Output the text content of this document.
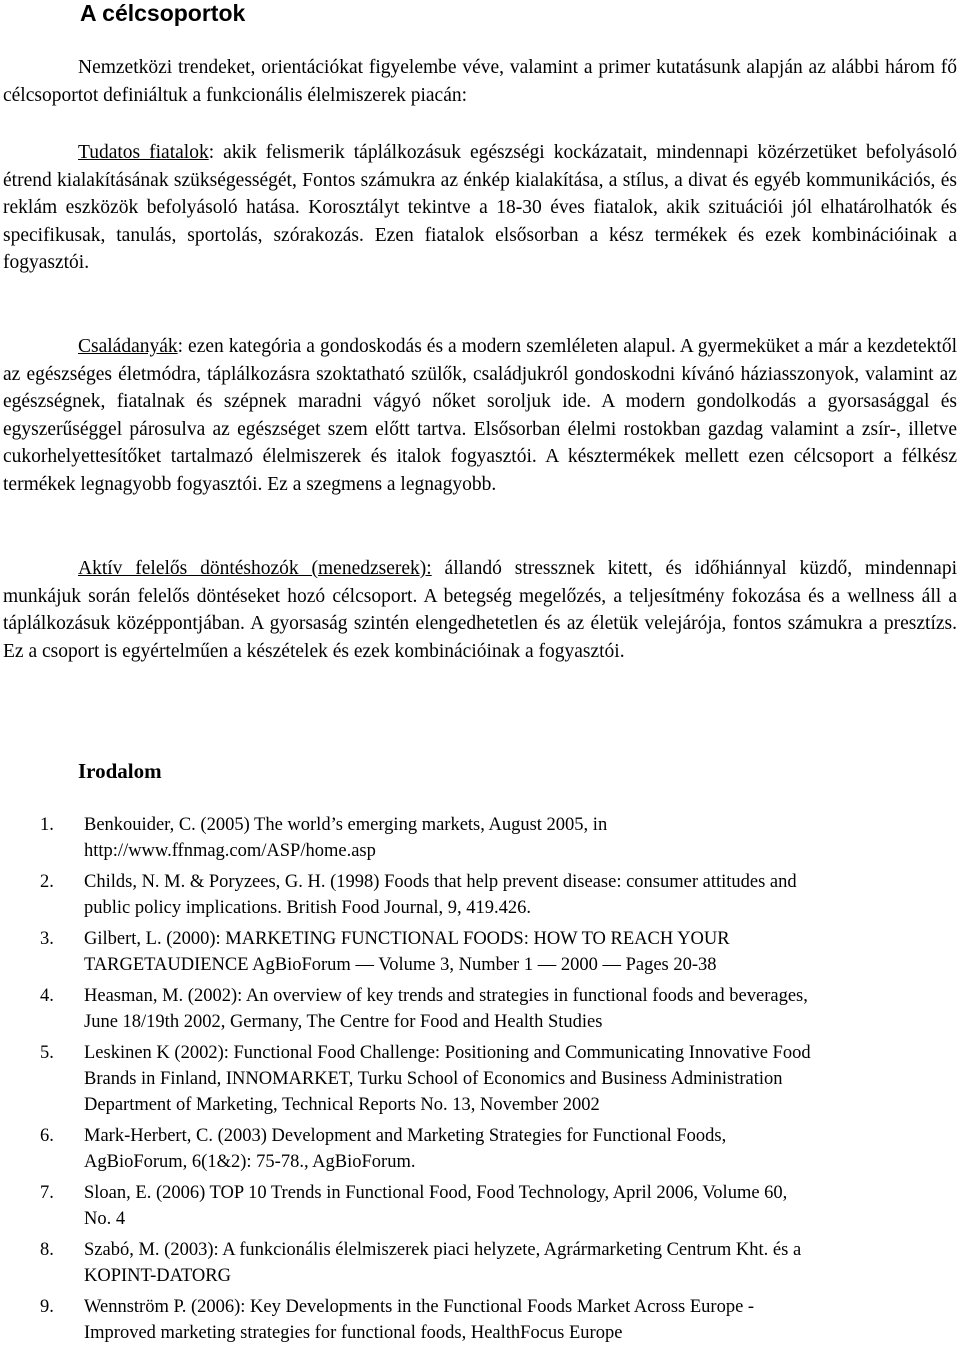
A célcsoportok

Nemzetközi trendeket, orientációkat figyelembe véve, valamint a primer kutatásunk alapján az alábbi három fő célcsoportot definiáltuk a funkcionális élelmiszerek piacán:

Tudatos fiatalok: akik felismerik táplálkozásuk egészségi kockázatait, mindennapi közérzetüket befolyásoló étrend kialakításának szükségességét, Fontos számukra az énkép kialakítása, a stílus, a divat és egyéb kommunikációs, és reklám eszközök befolyásoló hatása. Korosztályt tekintve a 18-30 éves fiatalok, akik szituációi jól elhatárolhatók és specifikusak, tanulás, sportolás, szórakozás. Ezen fiatalok elsősorban a kész termékek és ezek kombinációinak a fogyasztói.

Családanyák: ezen kategória a gondoskodás és a modern szemléleten alapul. A gyermeküket a már a kezdetektől az egészséges életmódra, táplálkozásra szoktatható szülők, családjukról gondoskodni kívánó háziasszonyok, valamint az egészségnek, fiatalnak és szépnek maradni vágyó nőket soroljuk ide. A modern gondolkodás a gyorsasággal és egyszerűséggel párosulva az egészséget szem előtt tartva. Elsősorban élelmi rostokban gazdag valamint a zsír-, illetve cukorhelyettesítőket tartalmazó élelmiszerek és italok fogyasztói. A késztermékek mellett ezen célcsoport a félkész termékek legnagyobb fogyasztói. Ez a szegmens a legnagyobb.

Aktív felelős döntéshozók (menedzserek): állandó stressznek kitett, és időhiánnyal küzdő, mindennapi munkájuk során felelős döntéseket hozó célcsoport. A betegség megelőzés, a teljesítmény fokozása és a wellness áll a táplálkozásuk középpontjában. A gyorsaság szintén elengedhetetlen és az életük velejárója, fontos számukra a presztízs. Ez a csoport is egyértelműen a készételek és ezek kombinációinak a fogyasztói.

Irodalom
1. Benkouider, C. (2005) The world’s emerging markets, August 2005, in
http://www.ffnmag.com/ASP/home.asp
2. Childs, N. M. & Poryzees, G. H. (1998) Foods that help prevent disease: consumer attitudes and
public policy implications. British Food Journal, 9, 419.426.
3. Gilbert, L. (2000): MARKETING FUNCTIONAL FOODS: HOW TO REACH YOUR
TARGETAUDIENCE AgBioForum — Volume 3, Number 1 — 2000 — Pages 20-38
4. Heasman, M. (2002): An overview of key trends and strategies in functional foods and beverages,
June 18/19th 2002, Germany, The Centre for Food and Health Studies
5. Leskinen K (2002): Functional Food Challenge: Positioning and Communicating Innovative Food
Brands in Finland, INNOMARKET, Turku School of Economics and Business Administration
Department of Marketing, Technical Reports No. 13, November 2002
6. Mark-Herbert, C. (2003) Development and Marketing Strategies for Functional Foods,
AgBioForum, 6(1&2): 75-78., AgBioForum.
7. Sloan, E. (2006) TOP 10 Trends in Functional Food, Food Technology, April 2006, Volume 60,
No. 4
8. Szabó, M. (2003): A funkcionális élelmiszerek piaci helyzete, Agrármarketing Centrum Kht. és a
KOPINT-DATORG
9. Wennström P. (2006): Key Developments in the Functional Foods Market Across Europe -
Improved marketing strategies for functional foods, HealthFocus Europe
